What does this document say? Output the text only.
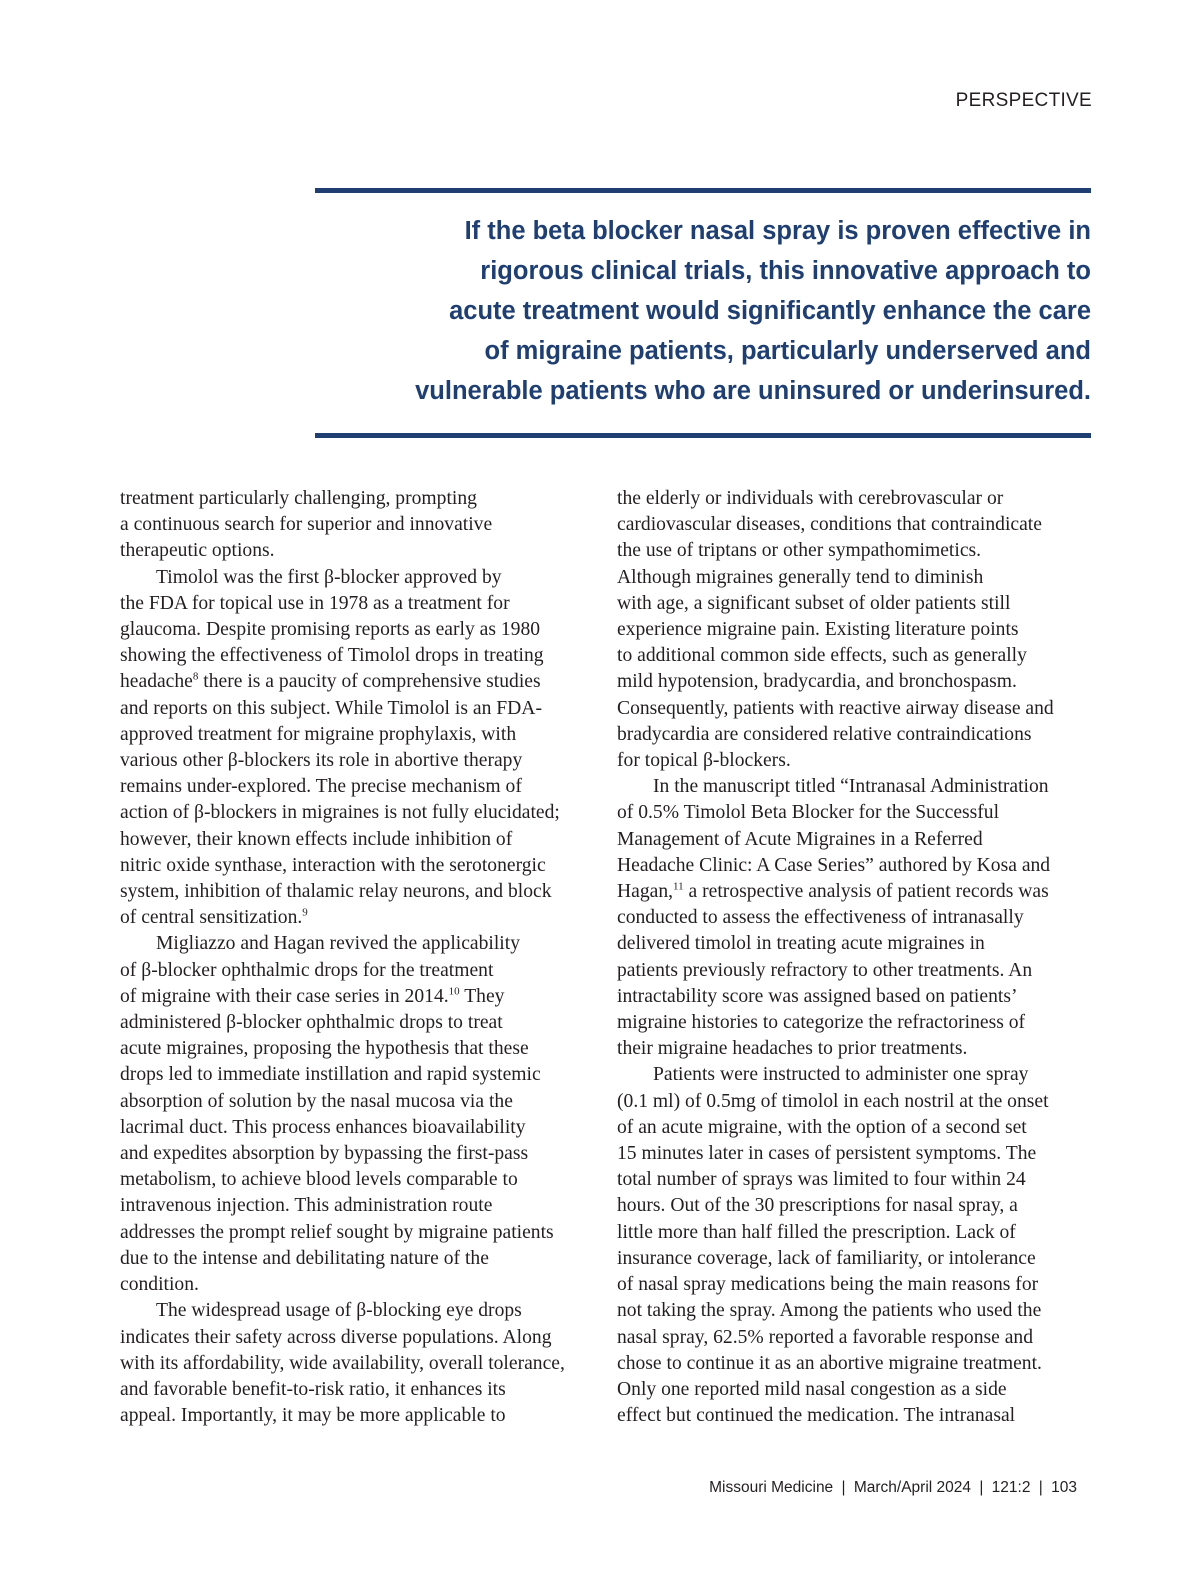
PERSPECTIVE
If the beta blocker nasal spray is proven effective in
rigorous clinical trials, this innovative approach to
acute treatment would significantly enhance the care
of migraine patients, particularly underserved and
vulnerable patients who are uninsured or underinsured.

treatment particularly challenging, prompting
a continuous search for superior and innovative
therapeutic options.

Timolol was the first β-blocker approved by
the FDA for topical use in 1978 as a treatment for
glaucoma. Despite promising reports as early as 1980
showing the effectiveness of Timolol drops in treating
headache$^8$ there is a paucity of comprehensive studies
and reports on this subject. While Timolol is an FDA-
approved treatment for migraine prophylaxis, with
various other β-blockers its role in abortive therapy
remains under-explored. The precise mechanism of
action of β-blockers in migraines is not fully elucidated;
however, their known effects include inhibition of
nitric oxide synthase, interaction with the serotonergic
system, inhibition of thalamic relay neurons, and block
of central sensitization.$^9$

Migliazzo and Hagan revived the applicability
of β-blocker ophthalmic drops for the treatment
of migraine with their case series in 2014.10 They
administered β-blocker ophthalmic drops to treat
acute migraines, proposing the hypothesis that these
drops led to immediate instillation and rapid systemic
absorption of solution by the nasal mucosa via the
lacrimal duct. This process enhances bioavailability
and expedites absorption by bypassing the first-pass
metabolism, to achieve blood levels comparable to
intravenous injection. This administration route
addresses the prompt relief sought by migraine patients
due to the intense and debilitating nature of the
condition.

The widespread usage of β-blocking eye drops
indicates their safety across diverse populations. Along
with its affordability, wide availability, overall tolerance,
and favorable benefit-to-risk ratio, it enhances its
appeal. Importantly, it may be more applicable to

the elderly or individuals with cerebrovascular or
cardiovascular diseases, conditions that contraindicate
the use of triptans or other sympathomimetics.
Although migraines generally tend to diminish
with age, a significant subset of older patients still
experience migraine pain. Existing literature points
to additional common side effects, such as generally
mild hypotension, bradycardia, and bronchospasm.
Consequently, patients with reactive airway disease and
bradycardia are considered relative contraindications
for topical β-blockers.

In the manuscript titled “Intranasal Administration
of 0.5% Timolol Beta Blocker for the Successful
Management of Acute Migraines in a Referred
Headache Clinic: A Case Series” authored by Kosa and
Hagan,$^{11}$ a retrospective analysis of patient records was
conducted to assess the effectiveness of intranasally
delivered timolol in treating acute migraines in
patients previously refractory to other treatments. An
intractability score was assigned based on patients’
migraine histories to categorize the refractoriness of
their migraine headaches to prior treatments.

Patients were instructed to administer one spray
(0.1 ml) of 0.5mg of timolol in each nostril at the onset
of an acute migraine, with the option of a second set
15 minutes later in cases of persistent symptoms. The
total number of sprays was limited to four within 24
hours. Out of the 30 prescriptions for nasal spray, a
little more than half filled the prescription. Lack of
insurance coverage, lack of familiarity, or intolerance
of nasal spray medications being the main reasons for
not taking the spray. Among the patients who used the
nasal spray, 62.5% reported a favorable response and
chose to continue it as an abortive migraine treatment.
Only one reported mild nasal congestion as a side
effect but continued the medication. The intranasal

Missouri Medicine | March/April 2024 | 121:2 | 103
